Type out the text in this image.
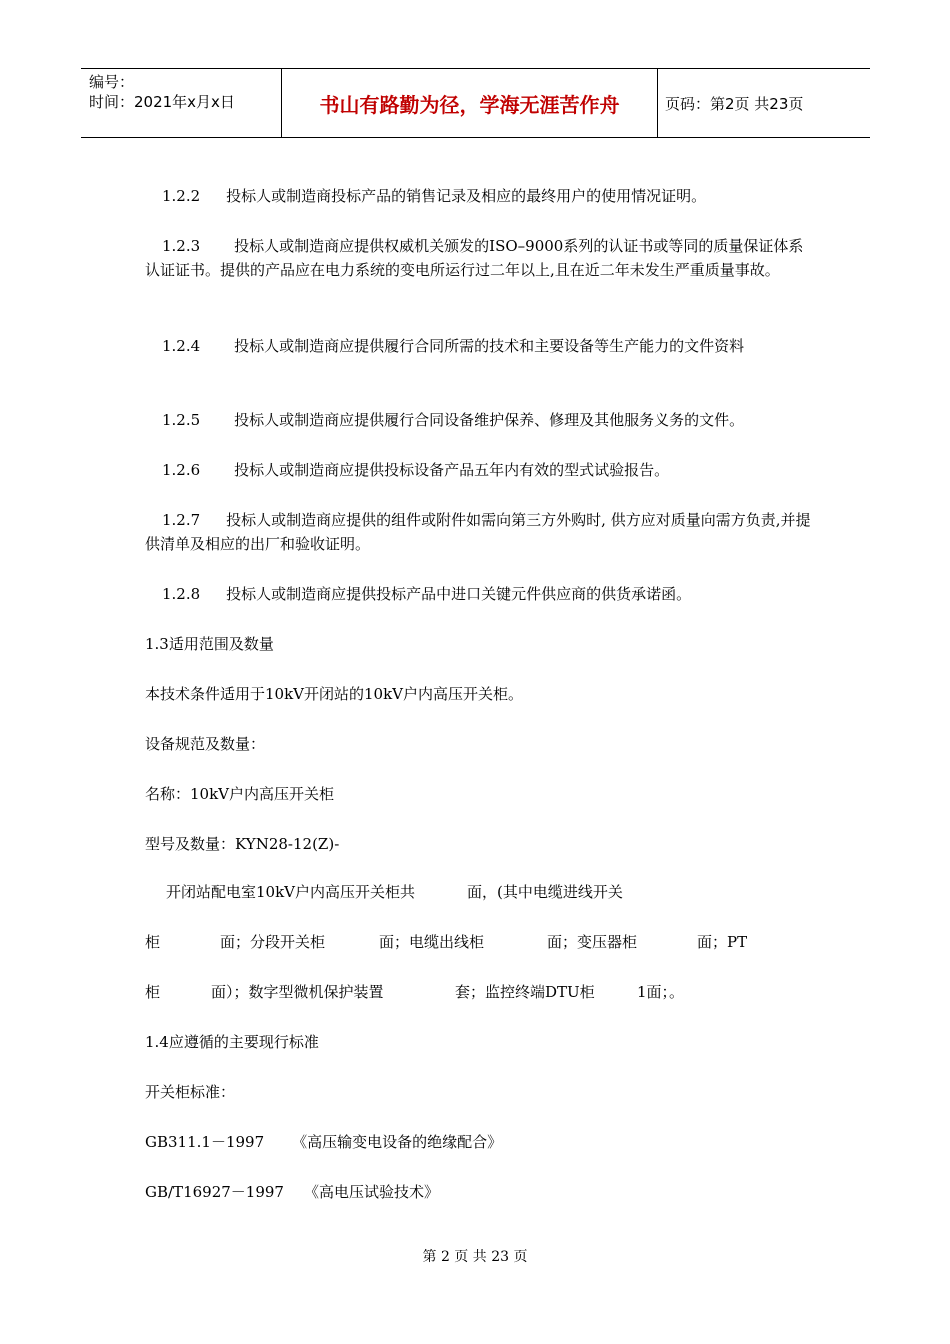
编号：
时间：2021年x月x日	书山有路勤为径，学海无涯苦作舟	页码：第2页 共23页
1.2.2 投标人或制造商投标产品的销售记录及相应的最终用户的使用情况证明。
1.2.3 投标人或制造商应提供权威机关颁发的ISO–9000系列的认证书或等同的质量保证体系认证证书。提供的产品应在电力系统的变电所运行过二年以上,且在近二年未发生严重质量事故。
1.2.4 投标人或制造商应提供履行合同所需的技术和主要设备等生产能力的文件资料
1.2.5 投标人或制造商应提供履行合同设备维护保养、修理及其他服务义务的文件。
1.2.6 投标人或制造商应提供投标设备产品五年内有效的型式试验报告。
1.2.7 投标人或制造商应提供的组件或附件如需向第三方外购时, 供方应对质量向需方负责,并提供清单及相应的出厂和验收证明。
1.2.8 投标人或制造商应提供投标产品中进口关键元件供应商的供货承诺函。
1.3适用范围及数量
本技术条件适用于10kV开闭站的10kV户内高压开关柜。
设备规范及数量：
名称：10kV户内高压开关柜
型号及数量：KYN28-12(Z)-
开闭站配电室10kV户内高压开关柜共	面，(其中电缆进线开关
柜	面；分段开关柜	面；电缆出线柜	面；变压器柜	面；PT
柜	面）；数字型微机保护装置	套；监控终端DTU柜	1面；。
1.4应遵循的主要现行标准
开关柜标准：
GB311.1－1997 《高压输变电设备的绝缘配合》
GB/T16927－1997 《高电压试验技术》
第 2 页 共 23 页
